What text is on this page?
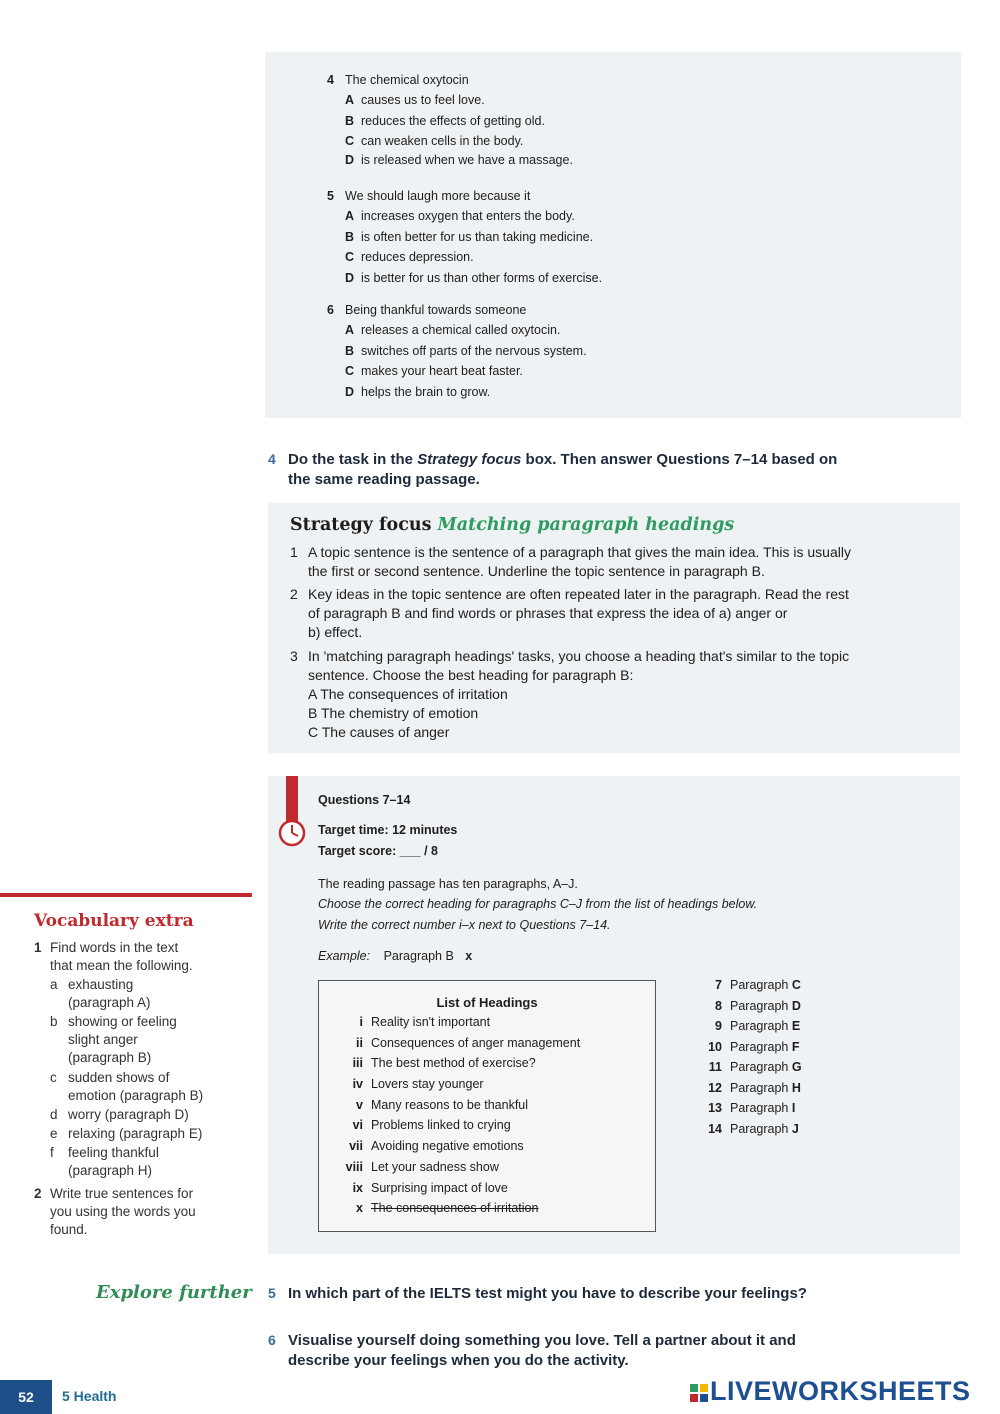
4 The chemical oxytocin
A causes us to feel love.
B reduces the effects of getting old.
C can weaken cells in the body.
D is released when we have a massage.
5 We should laugh more because it
A increases oxygen that enters the body.
B is often better for us than taking medicine.
C reduces depression.
D is better for us than other forms of exercise.
6 Being thankful towards someone
A releases a chemical called oxytocin.
B switches off parts of the nervous system.
C makes your heart beat faster.
D helps the brain to grow.
4 Do the task in the Strategy focus box. Then answer Questions 7–14 based on
the same reading passage.
Strategy focus Matching paragraph headings
1 A topic sentence is the sentence of a paragraph that gives the main idea. This is usually
the first or second sentence. Underline the topic sentence in paragraph B.
2 Key ideas in the topic sentence are often repeated later in the paragraph. Read the rest
of paragraph B and find words or phrases that express the idea of a) anger or
b) effect.
3 In 'matching paragraph headings' tasks, you choose a heading that's similar to the topic
sentence. Choose the best heading for paragraph B:
A The consequences of irritation
B The chemistry of emotion
C The causes of anger
Questions 7–14
Target time: 12 minutes
Target score: ___ / 8
The reading passage has ten paragraphs, A–J.
Choose the correct heading for paragraphs C–J from the list of headings below.
Write the correct number i–x next to Questions 7–14.
Example: Paragraph B x
List of Headings
i Reality isn't important
ii Consequences of anger management
iii The best method of exercise?
iv Lovers stay younger
v Many reasons to be thankful
vi Problems linked to crying
vii Avoiding negative emotions
viii Let your sadness show
ix Surprising impact of love
x The consequences of irritation
7 Paragraph C
8 Paragraph D
9 Paragraph E
10 Paragraph F
11 Paragraph G
12 Paragraph H
13 Paragraph I
14 Paragraph J
Vocabulary extra
1 Find words in the text
that mean the following.
a exhausting
(paragraph A)
b showing or feeling
slight anger
(paragraph B)
c sudden shows of
emotion (paragraph B)
d worry (paragraph D)
e relaxing (paragraph E)
f feeling thankful
(paragraph H)
2 Write true sentences for
you using the words you
found.
Explore further 5 In which part of the IELTS test might you have to describe your feelings?
6 Visualise yourself doing something you love. Tell a partner about it and
describe your feelings when you do the activity.
52	5 Health	LIVEWORKSHEETS
